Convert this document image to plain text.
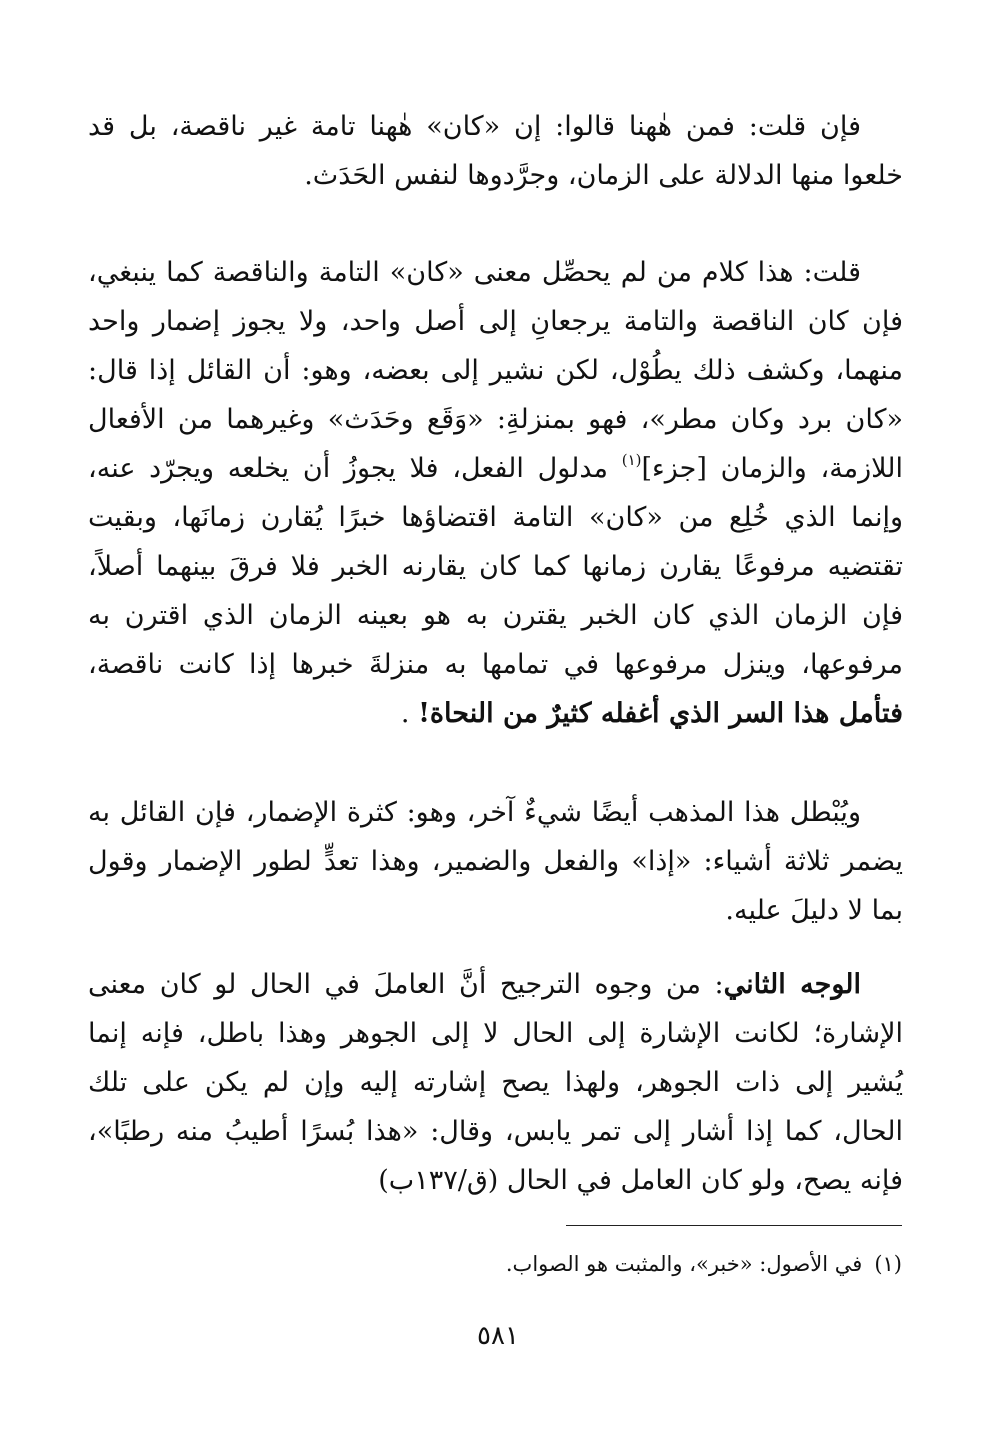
فإن قلت: فمن هٰهنا قالوا: إن «كان» هٰهنا تامة غير ناقصة، بل قد خلعوا منها الدلالة على الزمان، وجرَّدوها لنفس الحَدَث.
قلت: هذا كلام من لم يحصِّل معنى «كان» التامة والناقصة كما ينبغي، فإن كان الناقصة والتامة يرجعانِ إلى أصل واحد، ولا يجوز إضمار واحد منهما، وكشف ذلك يطُوْل، لكن نشير إلى بعضه، وهو: أن القائل إذا قال: «كان برد وكان مطر»، فهو بمنزلةِ: «وَقَع وحَدَث» وغيرهما من الأفعال اللازمة، والزمان [جزء]$^{(١)}$ مدلول الفعل، فلا يجوزُ أن يخلعه ويجرّد عنه، وإنما الذي خُلِع من «كان» التامة اقتضاؤها خبرًا يُقارن زمانَها، وبقيت تقتضيه مرفوعًا يقارن زمانها كما كان يقارنه الخبر فلا فرقَ بينهما أصلاً، فإن الزمان الذي كان الخبر يقترن به هو بعينه الزمان الذي اقترن به مرفوعها، وينزل مرفوعها في تمامها به منزلةَ خبرها إذا كانت ناقصة، فتأمل هذا السر الذي أغفله كثيرٌ من النحاة! .
ويُبْطل هذا المذهب أيضًا شيءٌ آخر، وهو: كثرة الإضمار، فإن القائل به يضمر ثلاثة أشياء: «إذا» والفعل والضمير، وهذا تعدٍّ لطور الإضمار وقول بما لا دليلَ عليه.
الوجه الثاني: من وجوه الترجيح أنَّ العاملَ في الحال لو كان معنى الإشارة؛ لكانت الإشارة إلى الحال لا إلى الجوهر وهذا باطل، فإنه إنما يُشير إلى ذات الجوهر، ولهذا يصح إشارته إليه وإن لم يكن على تلك الحال، كما إذا أشار إلى تمر يابس، وقال: «هذا بُسرًا أطيبُ منه رطبًا»، فإنه يصح، ولو كان العامل في الحال (ق/١٣٧ب)
(١)في الأصول: «خبر»، والمثبت هو الصواب.
٥٨١
